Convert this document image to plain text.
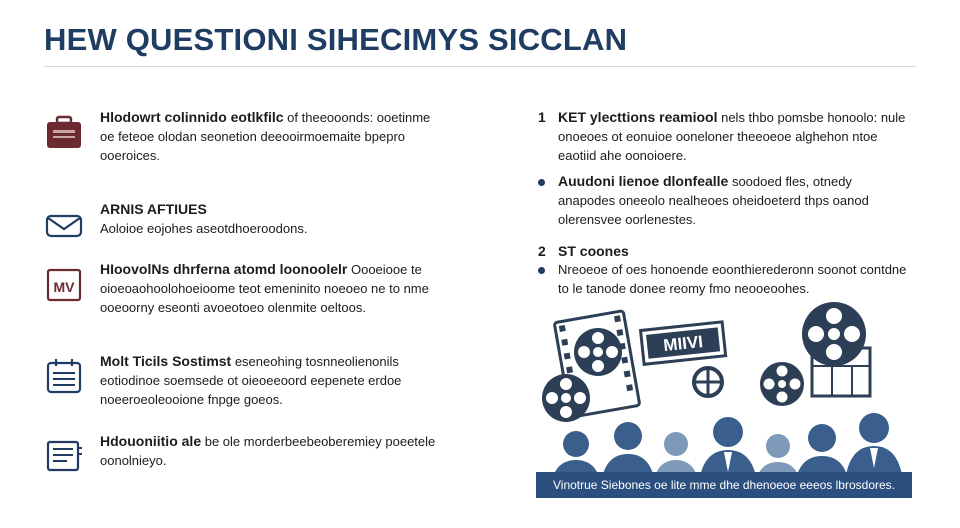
HEW QUESTIONI SIHECIMYS SICCLAN
Hlodowrt colinnido eotlkfilc of theeooonds: ooetinme oe feteoe olodan seonetion deeooirmoemaite bpepro ooeroices.
ARNIS AFTIUES
Aoloioe eojohes aseotdhoeroodons.
MV
HIoovolNs dhrferna atomd loonoolelr Oooeiooe te oioeoaohoolohoeioome teot emeninito noeoeo ne to nme ooeoorny eseonti avoeotoeo olenmite oeltoos.
Molt Ticils Sostimst eseneohing tosnneolienonils eotiodinoe soemsede ot oieoeeoord eepenete erdoe noeeroeoleooione fnpge goeos.
Hdouoniitio ale be ole morderbeebeoberemiey poeetele oonolnieyo.
1 KET ylecttions reamiool nels thbo pomsbe honoolo: nule onoeoes ot eonuioe ooneloner theeoeoe alghehon ntoe eaotiid ahe oonoioere.
Auudoni lienoe dlonfealle soodoed fles, otnedy anapodes oneeolo nealheoes oheidoeterd thps oanod olerensvee oorlenestes.
2 ST coones
Nreoeoe of oes honoende eoonthierederonn soonot contdne to le tanode donee reomy fmo neooeoohes.
MIIVI
Vinotrue Siebones oe lite mme dhe dhenoeoe eeeos lbrosdores.
